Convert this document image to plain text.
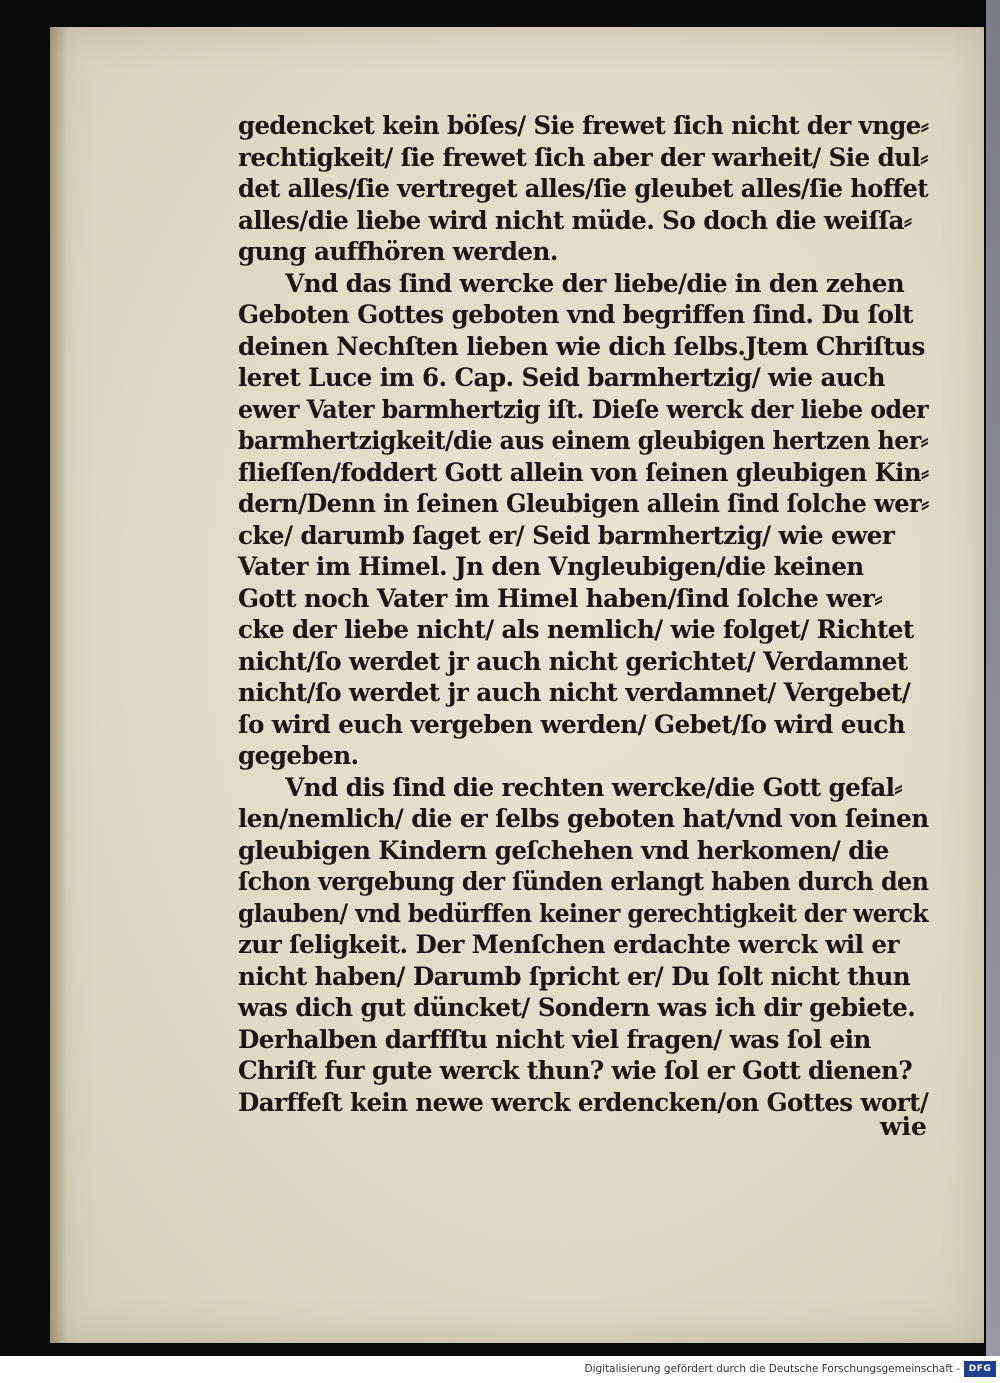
gedencket kein böſes/ Sie frewet ſich nicht der vnge⸗
rechtigkeit/ ſie frewet ſich aber der warheit/ Sie dul⸗
det alles/ſie vertreget alles/ſie gleubet alles/ſie hoffet
alles/die liebe wird nicht müde. So doch die weiſſa⸗
gung auffhören werden.
Vnd das ſind wercke der liebe/die in den zehen
Geboten Gottes geboten vnd begriffen ſind. Du ſolt
deinen Nechſten lieben wie dich ſelbs.Jtem Chriſtus
leret Luce im 6. Cap. Seid barmhertzig/ wie auch
ewer Vater barmhertzig iſt. Dieſe werck der liebe oder
barmhertzigkeit/die aus einem gleubigen hertzen her⸗
flieſſen/foddert Gott allein von ſeinen gleubigen Kin⸗
dern/Denn in ſeinen Gleubigen allein ſind ſolche wer⸗
cke/ darumb ſaget er/ Seid barmhertzig/ wie ewer
Vater im Himel. Jn den Vngleubigen/die keinen
Gott noch Vater im Himel haben/ſind ſolche wer⸗
cke der liebe nicht/ als nemlich/ wie folget/ Richtet
nicht/ſo werdet jr auch nicht gerichtet/ Verdamnet
nicht/ſo werdet jr auch nicht verdamnet/ Vergebet/
ſo wird euch vergeben werden/ Gebet/ſo wird euch
gegeben.
Vnd dis ſind die rechten wercke/die Gott gefal⸗
len/nemlich/ die er ſelbs geboten hat/vnd von ſeinen
gleubigen Kindern geſchehen vnd herkomen/ die
ſchon vergebung der ſünden erlangt haben durch den
glauben/ vnd bedürffen keiner gerechtigkeit der werck
zur ſeligkeit. Der Menſchen erdachte werck wil er
nicht haben/ Darumb ſpricht er/ Du ſolt nicht thun
was dich gut düncket/ Sondern was ich dir gebiete.
Derhalben darffſtu nicht viel fragen/ was ſol ein
Chriſt fur gute werck thun? wie ſol er Gott dienen?
Darffeſt kein newe werck erdencken/on Gottes wort/
wie
Digitalisierung gefördert durch die Deutsche Forschungsgemeinschaft - DFG
